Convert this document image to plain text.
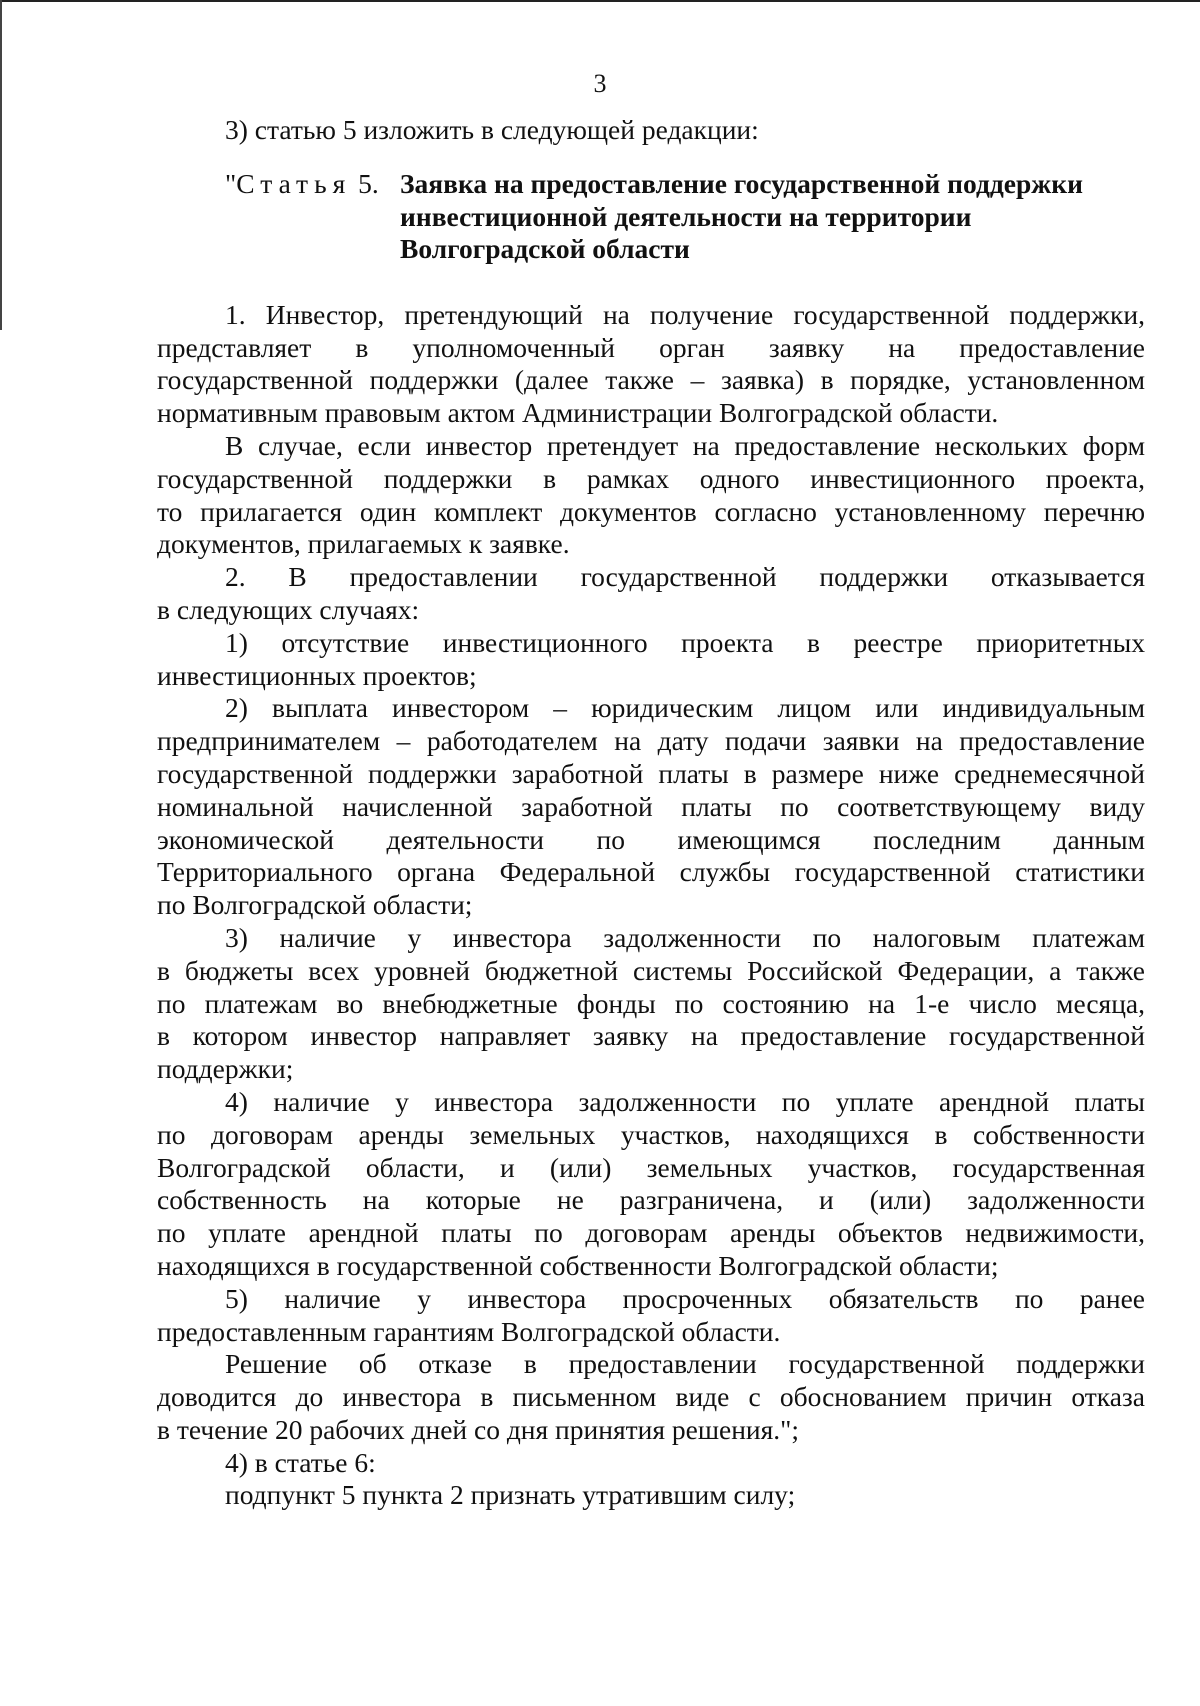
3
3) статью 5 изложить в следующей редакции:
"Статья 5. Заявка на предоставление государственной поддержки
инвестиционной деятельности на территории
Волгоградской области
1. Инвестор, претендующий на получение государственной поддержки,
представляет в уполномоченный орган заявку на предоставление
государственной поддержки (далее также – заявка) в порядке, установленном
нормативным правовым актом Администрации Волгоградской области.
В случае, если инвестор претендует на предоставление нескольких форм
государственной поддержки в рамках одного инвестиционного проекта,
то прилагается один комплект документов согласно установленному перечню
документов, прилагаемых к заявке.
2. В предоставлении государственной поддержки отказывается
в следующих случаях:
1) отсутствие инвестиционного проекта в реестре приоритетных
инвестиционных проектов;
2) выплата инвестором – юридическим лицом или индивидуальным
предпринимателем – работодателем на дату подачи заявки на предоставление
государственной поддержки заработной платы в размере ниже среднемесячной
номинальной начисленной заработной платы по соответствующему виду
экономической деятельности по имеющимся последним данным
Территориального органа Федеральной службы государственной статистики
по Волгоградской области;
3) наличие у инвестора задолженности по налоговым платежам
в бюджеты всех уровней бюджетной системы Российской Федерации, а также
по платежам во внебюджетные фонды по состоянию на 1-е число месяца,
в котором инвестор направляет заявку на предоставление государственной
поддержки;
4) наличие у инвестора задолженности по уплате арендной платы
по договорам аренды земельных участков, находящихся в собственности
Волгоградской области, и (или) земельных участков, государственная
собственность на которые не разграничена, и (или) задолженности
по уплате арендной платы по договорам аренды объектов недвижимости,
находящихся в государственной собственности Волгоградской области;
5) наличие у инвестора просроченных обязательств по ранее
предоставленным гарантиям Волгоградской области.
Решение об отказе в предоставлении государственной поддержки
доводится до инвестора в письменном виде с обоснованием причин отказа
в течение 20 рабочих дней со дня принятия решения.";
4) в статье 6:
подпункт 5 пункта 2 признать утратившим силу;
